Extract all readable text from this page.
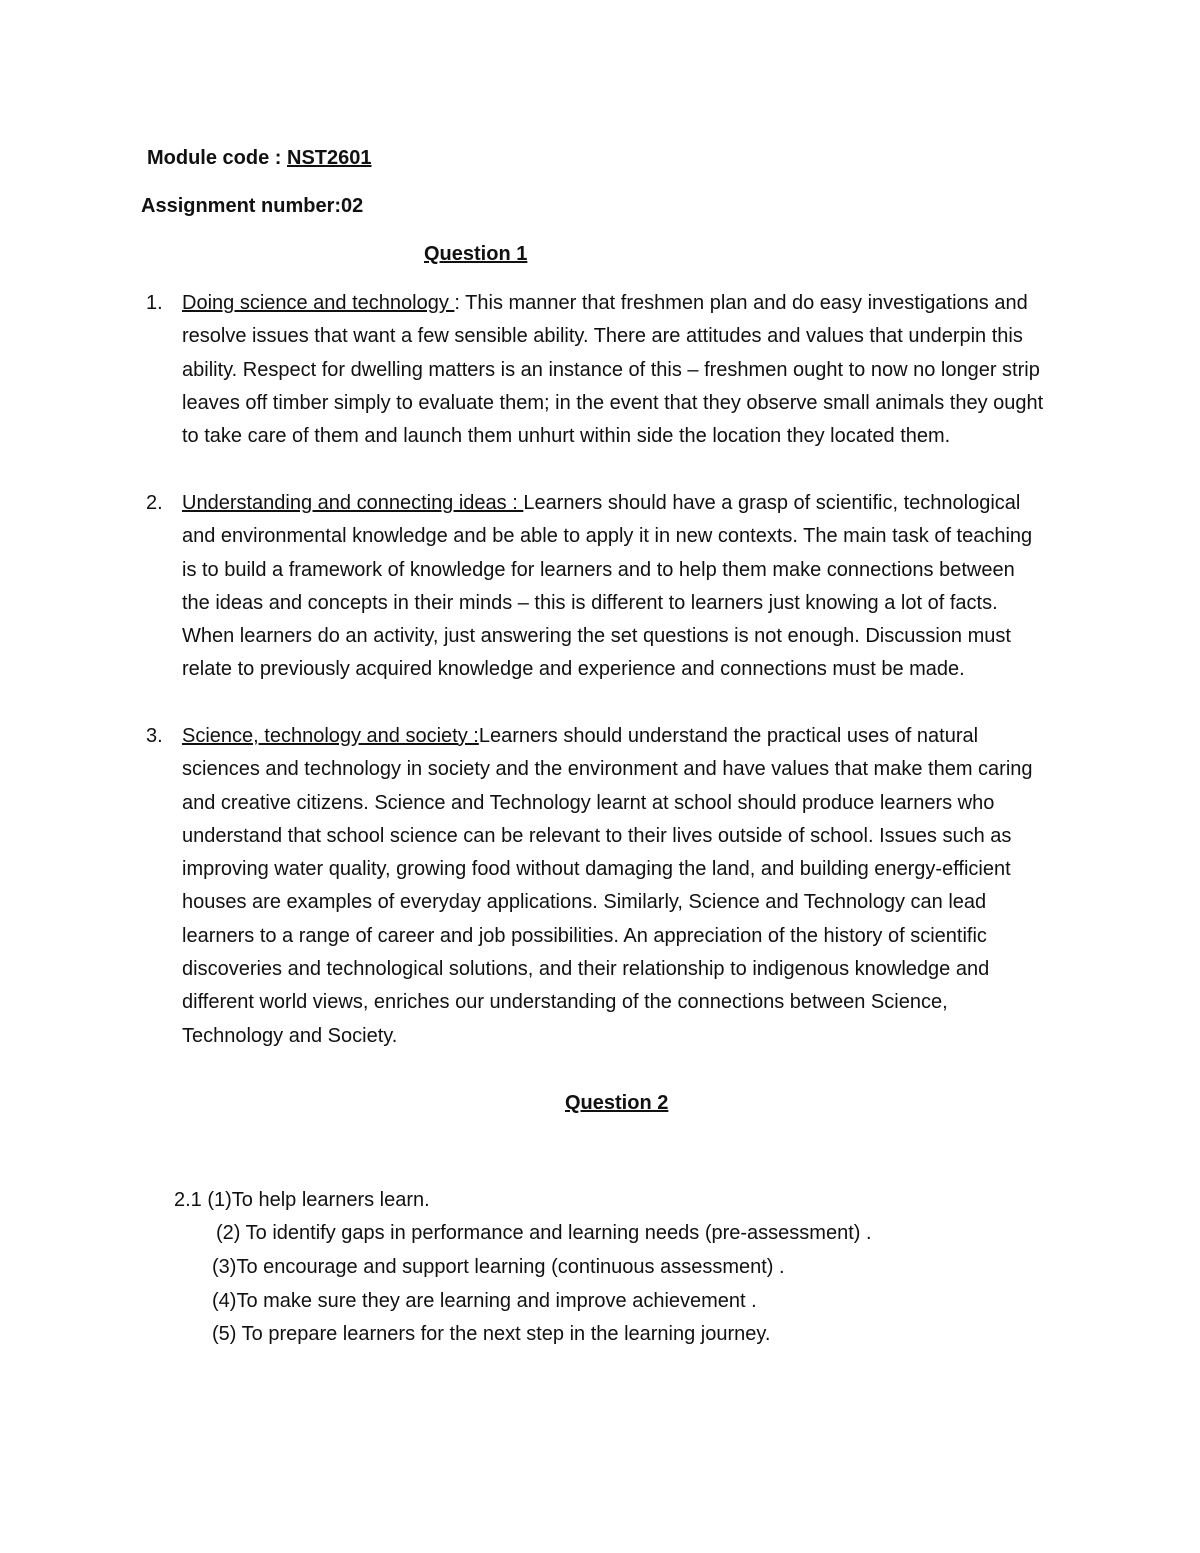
Module code : NST2601
Assignment number:02
Question 1
1. Doing science and technology : This manner that freshmen plan and do easy investigations and resolve issues that want a few sensible ability. There are attitudes and values that underpin this ability. Respect for dwelling matters is an instance of this – freshmen ought to now no longer strip leaves off timber simply to evaluate them; in the event that they observe small animals they ought to take care of them and launch them unhurt within side the location they located them.
2. Understanding and connecting ideas : Learners should have a grasp of scientific, technological and environmental knowledge and be able to apply it in new contexts. The main task of teaching is to build a framework of knowledge for learners and to help them make connections between the ideas and concepts in their minds – this is different to learners just knowing a lot of facts. When learners do an activity, just answering the set questions is not enough. Discussion must relate to previously acquired knowledge and experience and connections must be made.
3. Science, technology and society :Learners should understand the practical uses of natural sciences and technology in society and the environment and have values that make them caring and creative citizens. Science and Technology learnt at school should produce learners who understand that school science can be relevant to their lives outside of school. Issues such as improving water quality, growing food without damaging the land, and building energy-efficient houses are examples of everyday applications. Similarly, Science and Technology can lead learners to a range of career and job possibilities. An appreciation of the history of scientific discoveries and technological solutions, and their relationship to indigenous knowledge and different world views, enriches our understanding of the connections between Science, Technology and Society.
Question 2
2.1 (1)To help learners learn.
(2) To identify gaps in performance and learning needs (pre-assessment) .
(3)To encourage and support learning (continuous assessment) .
(4)To make sure they are learning and improve achievement .
(5) To prepare learners for the next step in the learning journey.
